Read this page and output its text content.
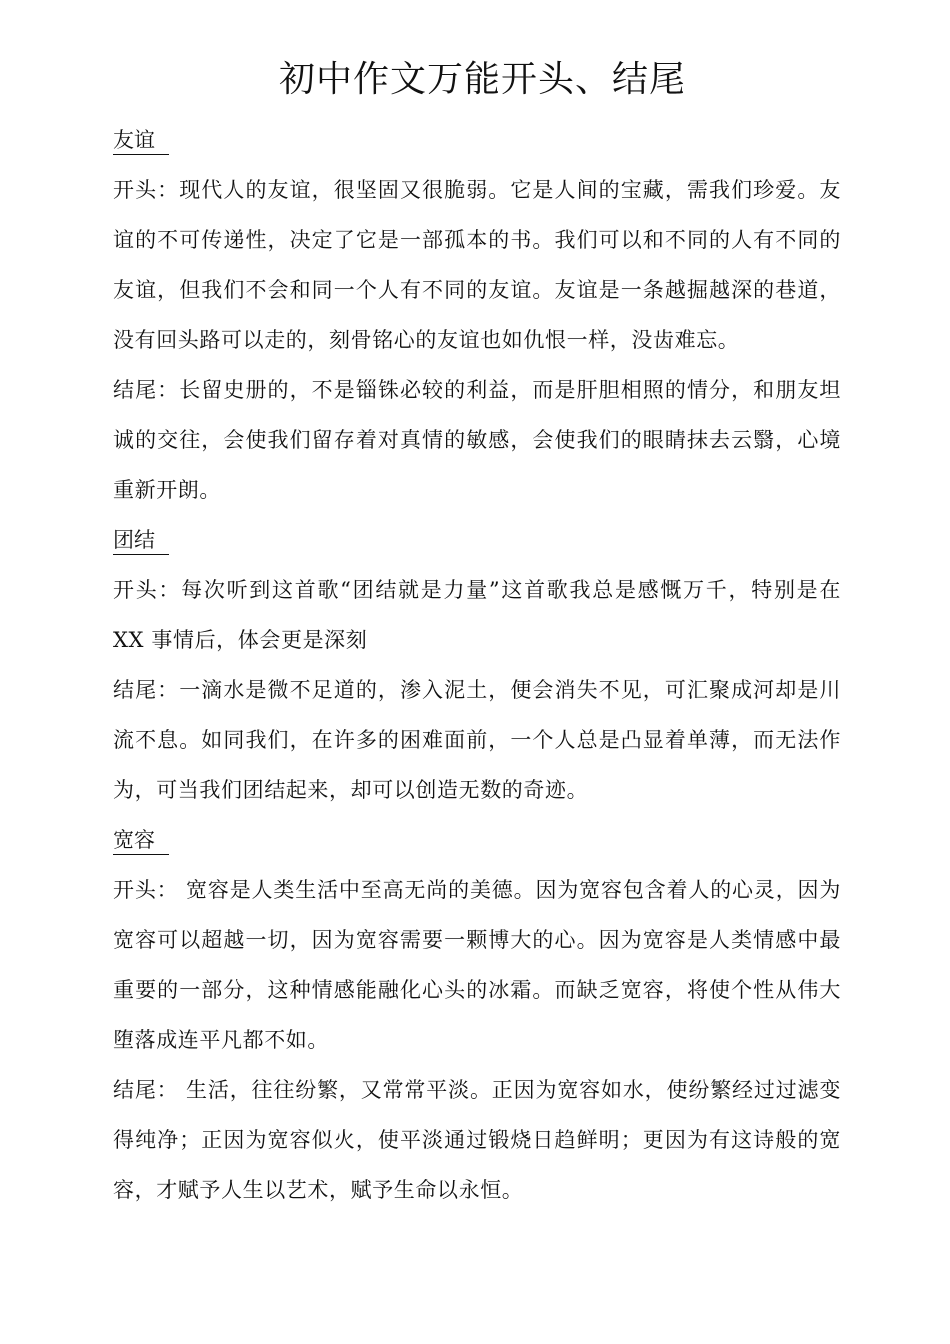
初中作文万能开头、结尾
友谊

开头：现代人的友谊，很坚固又很脆弱。它是人间的宝藏，需我们珍爱。友谊的不可传递性，决定了它是一部孤本的书。我们可以和不同的人有不同的友谊，但我们不会和同一个人有不同的友谊。友谊是一条越掘越深的巷道，没有回头路可以走的，刻骨铭心的友谊也如仇恨一样，没齿难忘。

结尾：长留史册的，不是锱铢必较的利益，而是肝胆相照的情分，和朋友坦诚的交往，会使我们留存着对真情的敏感，会使我们的眼睛抹去云翳，心境重新开朗。

团结

开头：每次听到这首歌“团结就是力量”这首歌我总是感慨万千，特别是在 XX 事情后，体会更是深刻

结尾：一滴水是微不足道的，渗入泥土，便会消失不见，可汇聚成河却是川流不息。如同我们，在许多的困难面前，一个人总是凸显着单薄，而无法作为，可当我们团结起来，却可以创造无数的奇迹。

宽容

开头： 宽容是人类生活中至高无尚的美德。因为宽容包含着人的心灵，因为宽容可以超越一切，因为宽容需要一颗博大的心。因为宽容是人类情感中最重要的一部分，这种情感能融化心头的冰霜。而缺乏宽容，将使个性从伟大堕落成连平凡都不如。

结尾： 生活，往往纷繁，又常常平淡。正因为宽容如水，使纷繁经过过滤变得纯净；正因为宽容似火，使平淡通过锻烧日趋鲜明；更因为有这诗般的宽容，才赋予人生以艺术，赋予生命以永恒。
